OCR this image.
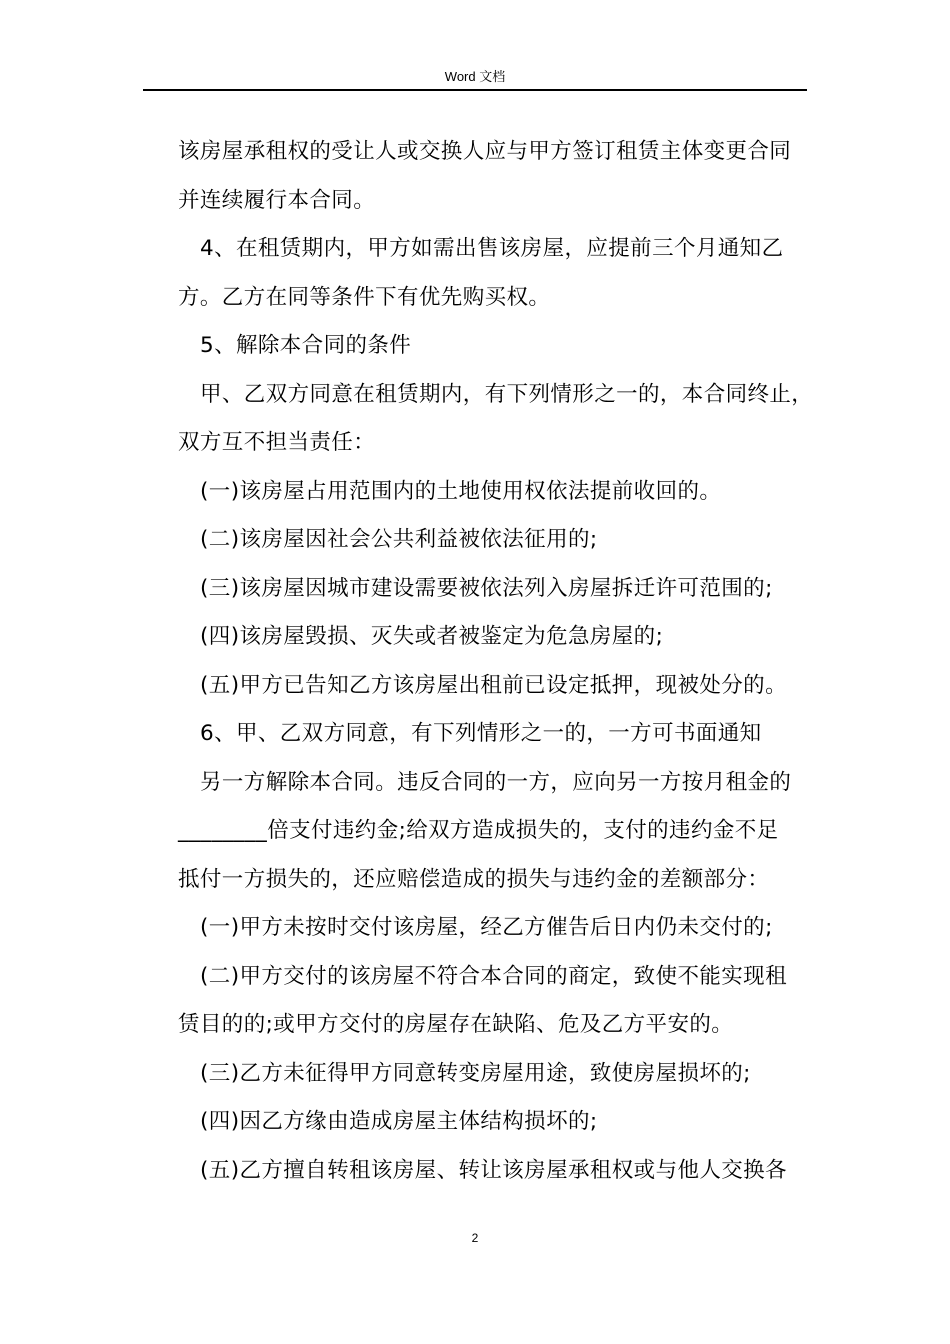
Word 文档
该房屋承租权的受让人或交换人应与甲方签订租赁主体变更合同
并连续履行本合同。
4、在租赁期内，甲方如需出售该房屋，应提前三个月通知乙
方。乙方在同等条件下有优先购买权。
5、解除本合同的条件
甲、乙双方同意在租赁期内，有下列情形之一的，本合同终止，
双方互不担当责任：
(一)该房屋占用范围内的土地使用权依法提前收回的。
(二)该房屋因社会公共利益被依法征用的;
(三)该房屋因城市建设需要被依法列入房屋拆迁许可范围的;
(四)该房屋毁损、灭失或者被鉴定为危急房屋的;
(五)甲方已告知乙方该房屋出租前已设定抵押，现被处分的。
6、甲、乙双方同意，有下列情形之一的，一方可书面通知
另一方解除本合同。违反合同的一方，应向另一方按月租金的
________倍支付违约金;给双方造成损失的，支付的违约金不足
抵付一方损失的，还应赔偿造成的损失与违约金的差额部分：
(一)甲方未按时交付该房屋，经乙方催告后日内仍未交付的;
(二)甲方交付的该房屋不符合本合同的商定，致使不能实现租
赁目的的;或甲方交付的房屋存在缺陷、危及乙方平安的。
(三)乙方未征得甲方同意转变房屋用途，致使房屋损坏的;
(四)因乙方缘由造成房屋主体结构损坏的;
(五)乙方擅自转租该房屋、转让该房屋承租权或与他人交换各
2
